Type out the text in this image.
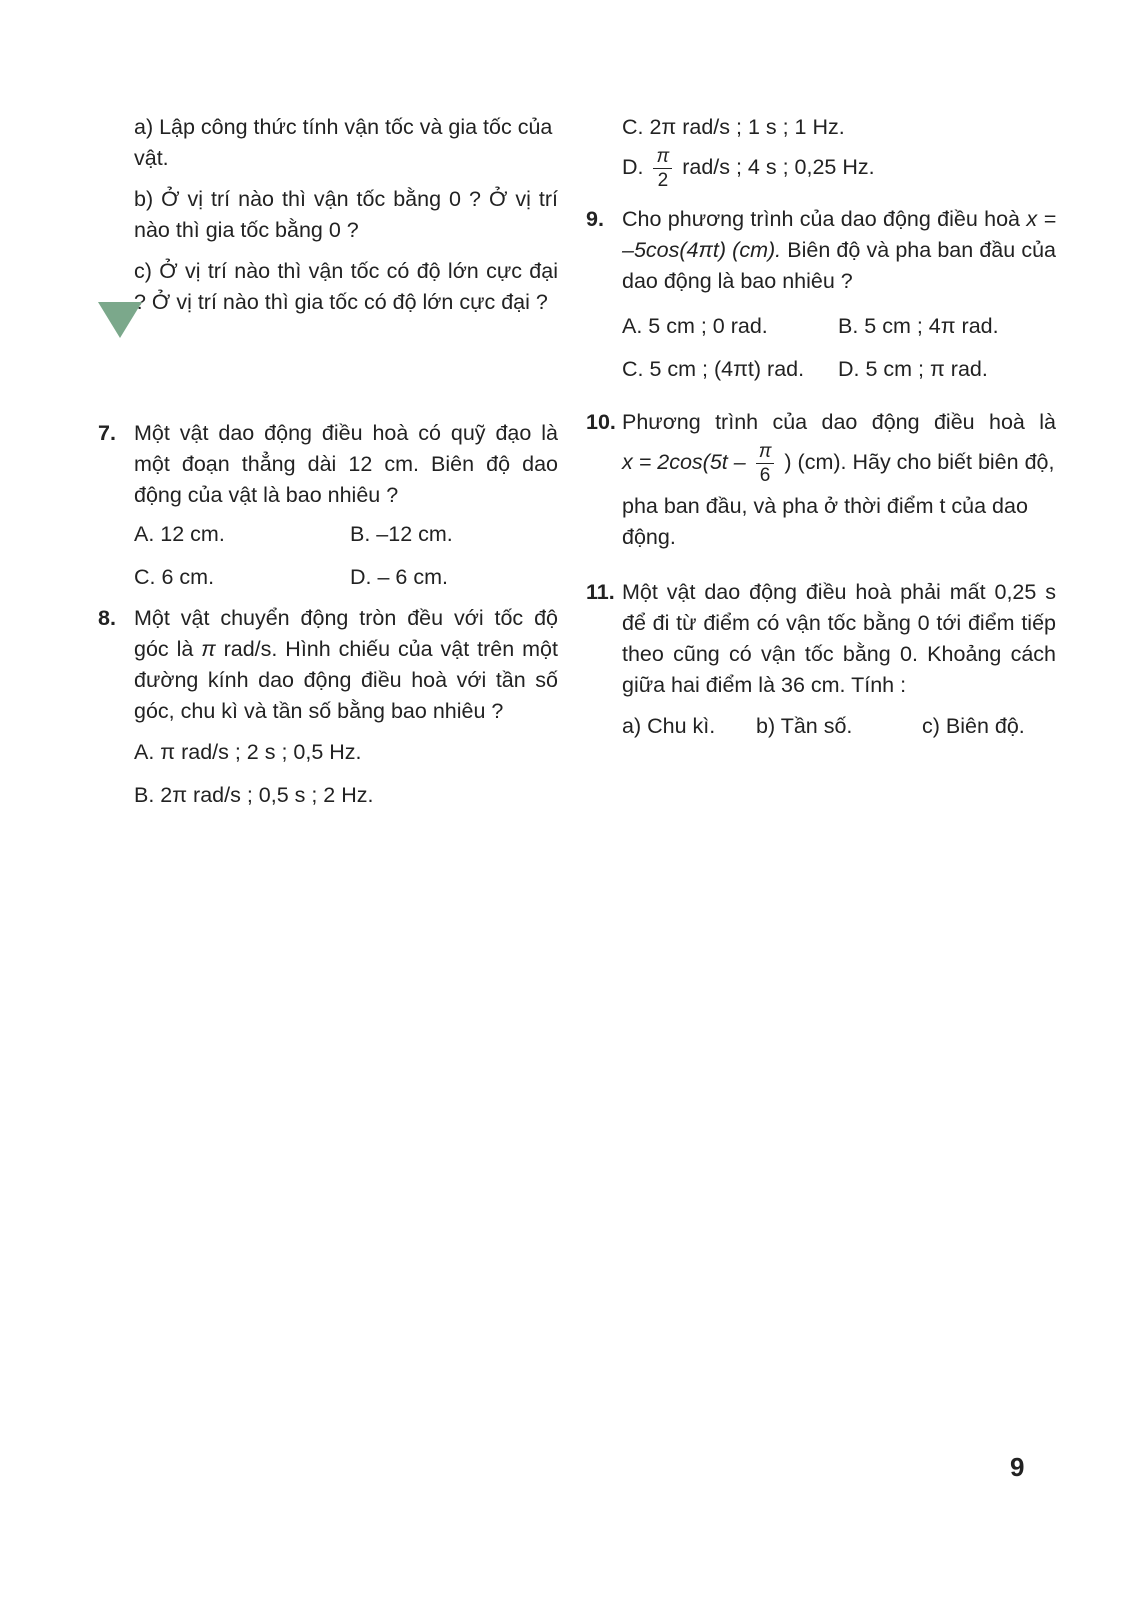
a) Lập công thức tính vận tốc và gia tốc của vật.

b) Ở vị trí nào thì vận tốc bằng 0 ? Ở vị trí nào thì gia tốc bằng 0 ?

c) Ở vị trí nào thì vận tốc có độ lớn cực đại ? Ở vị trí nào thì gia tốc có độ lớn cực đại ?

7. Một vật dao động điều hoà có quỹ đạo là một đoạn thẳng dài 12 cm. Biên độ dao động của vật là bao nhiêu ?
A. 12 cm.	B. –12 cm.
C. 6 cm.	D. – 6 cm.
8. Một vật chuyển động tròn đều với tốc độ góc là π rad/s. Hình chiếu của vật trên một đường kính dao động điều hoà với tần số góc, chu kì và tần số bằng bao nhiêu ?
A. π rad/s ; 2 s ; 0,5 Hz.
B. 2π rad/s ; 0,5 s ; 2 Hz.
C. 2π rad/s ; 1 s ; 1 Hz.
D. $\frac{\pi}{2} rad/s$ ; 4 s ; 0,25 Hz.
9. Cho phương trình của dao động điều hoà x = –5cos(4πt) (cm). Biên độ và pha ban đầu của dao động là bao nhiêu ?
A. 5 cm ; 0 rad.	B. 5 cm ; 4π rad.
C. 5 cm ; (4πt) rad.	D. 5 cm ; π rad.
10. Phương trình của dao động điều hoà là
$x = 2\cos(5t - \frac{\pi}{6}$ ) (cm). Hãy cho biết biên độ,
pha ban đầu, và pha ở thời điểm t của dao động.
11. Một vật dao động điều hoà phải mất 0,25 s để đi từ điểm có vận tốc bằng 0 tới điểm tiếp theo cũng có vận tốc bằng 0. Khoảng cách giữa hai điểm là 36 cm. Tính :
a) Chu kì.	b) Tần số.	c) Biên độ.
9
